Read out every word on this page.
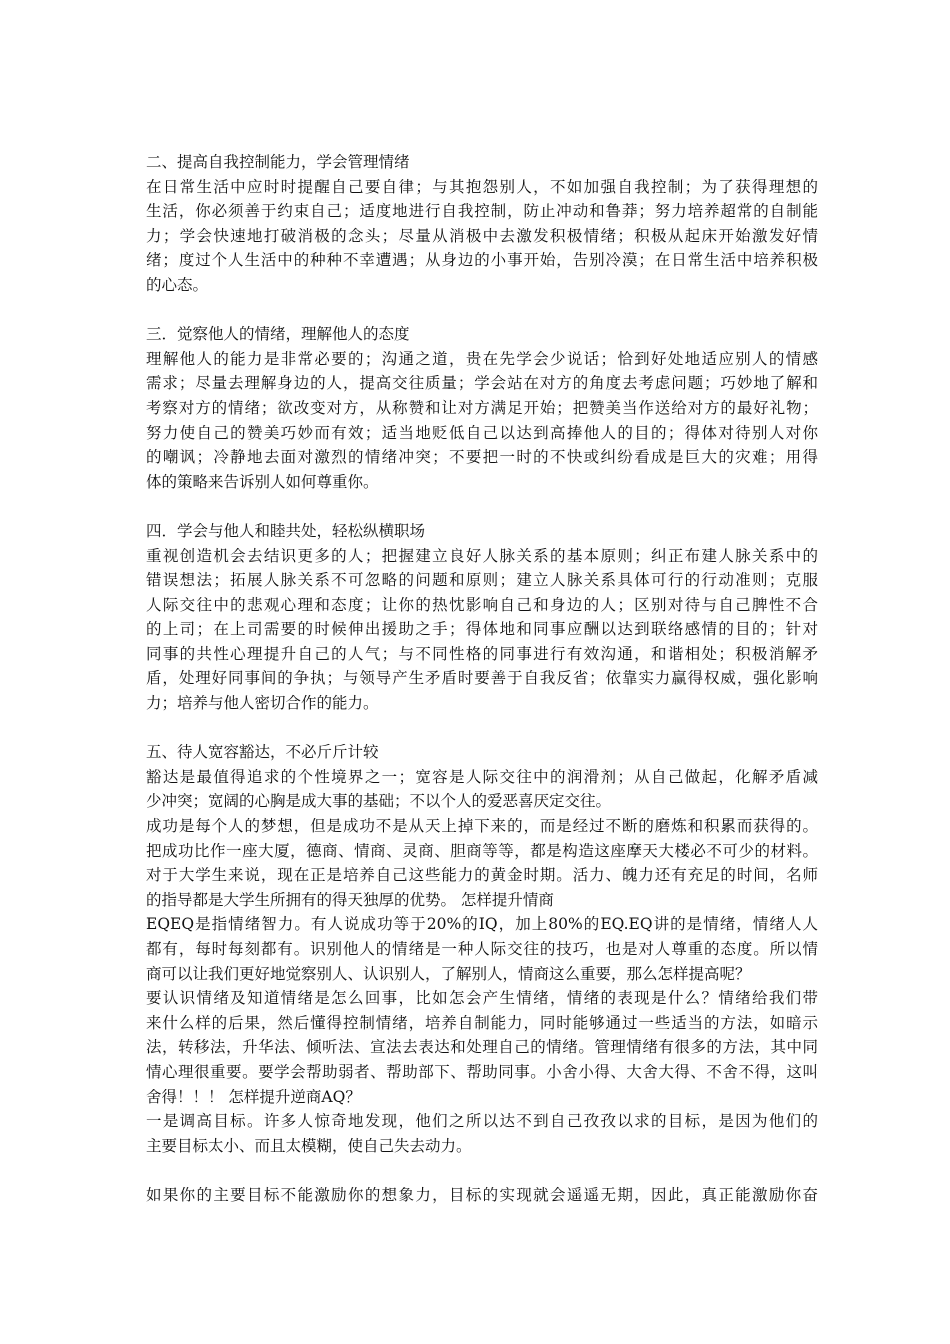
二、提高自我控制能力，学会管理情绪
在日常生活中应时时提醒自己要自律；与其抱怨别人，不如加强自我控制；为了获得理想的
生活，你必须善于约束自己；适度地进行自我控制，防止冲动和鲁莽；努力培养超常的自制能
力；学会快速地打破消极的念头；尽量从消极中去激发积极情绪；积极从起床开始激发好情
绪；度过个人生活中的种种不幸遭遇；从身边的小事开始，告别冷漠；在日常生活中培养积极
的心态。
三．觉察他人的情绪，理解他人的态度
理解他人的能力是非常必要的；沟通之道，贵在先学会少说话；恰到好处地适应别人的情感
需求；尽量去理解身边的人，提高交往质量；学会站在对方的角度去考虑问题；巧妙地了解和
考察对方的情绪；欲改变对方，从称赞和让对方满足开始；把赞美当作送给对方的最好礼物；
努力使自己的赞美巧妙而有效；适当地贬低自己以达到高捧他人的目的；得体对待别人对你
的嘲讽；冷静地去面对激烈的情绪冲突；不要把一时的不快或纠纷看成是巨大的灾难；用得
体的策略来告诉别人如何尊重你。
四．学会与他人和睦共处，轻松纵横职场
重视创造机会去结识更多的人；把握建立良好人脉关系的基本原则；纠正布建人脉关系中的
错误想法；拓展人脉关系不可忽略的问题和原则；建立人脉关系具体可行的行动准则；克服
人际交往中的悲观心理和态度；让你的热忱影响自己和身边的人；区别对待与自己脾性不合
的上司；在上司需要的时候伸出援助之手；得体地和同事应酬以达到联络感情的目的；针对
同事的共性心理提升自己的人气；与不同性格的同事进行有效沟通，和谐相处；积极消解矛
盾，处理好同事间的争执；与领导产生矛盾时要善于自我反省；依靠实力赢得权威，强化影响
力；培养与他人密切合作的能力。
五、待人宽容豁达，不必斤斤计较
豁达是最值得追求的个性境界之一；宽容是人际交往中的润滑剂；从自己做起，化解矛盾减
少冲突；宽阔的心胸是成大事的基础；不以个人的爱恶喜厌定交往。
成功是每个人的梦想，但是成功不是从天上掉下来的，而是经过不断的磨炼和积累而获得的。
把成功比作一座大厦，德商、情商、灵商、胆商等等，都是构造这座摩天大楼必不可少的材料。
对于大学生来说，现在正是培养自己这些能力的黄金时期。活力、魄力还有充足的时间，名师
的指导都是大学生所拥有的得天独厚的优势。 怎样提升情商
EQEQ是指情绪智力。有人说成功等于20%的IQ，加上80%的EQ.EQ讲的是情绪，情绪人人
都有，每时每刻都有。识别他人的情绪是一种人际交往的技巧，也是对人尊重的态度。所以情
商可以让我们更好地觉察别人、认识别人，了解别人，情商这么重要，那么怎样提高呢？
要认识情绪及知道情绪是怎么回事，比如怎会产生情绪，情绪的表现是什么？情绪给我们带
来什么样的后果，然后懂得控制情绪，培养自制能力，同时能够通过一些适当的方法，如暗示
法，转移法，升华法、倾听法、宣法去表达和处理自己的情绪。管理情绪有很多的方法，其中同
情心理很重要。要学会帮助弱者、帮助部下、帮助同事。小舍小得、大舍大得、不舍不得，这叫
舍得！！！ 怎样提升逆商AQ？
一是调高目标。许多人惊奇地发现，他们之所以达不到自己孜孜以求的目标，是因为他们的
主要目标太小、而且太模糊，使自己失去动力。
如果你的主要目标不能激励你的想象力，目标的实现就会遥遥无期，因此，真正能激励你奋
